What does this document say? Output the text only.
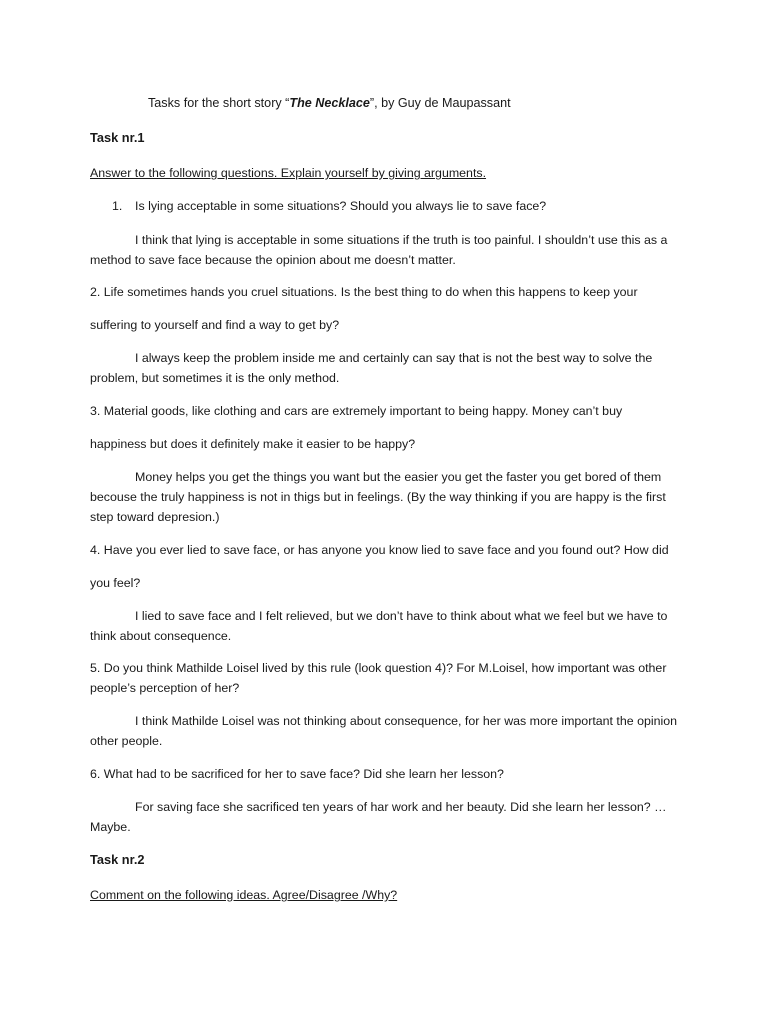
Tasks for the short story “The Necklace”, by Guy de Maupassant

Task nr.1

Answer to the following questions. Explain yourself by giving arguments.

1. Is lying acceptable in some situations? Should you always lie to save face?

I think that lying is acceptable in some situations if the truth is too painful. I shouldn’t use this as a method to save face because the opinion about me doesn’t matter.

2. Life sometimes hands you cruel situations. Is the best thing to do when this happens to keep your

suffering to yourself and find a way to get by?

I always keep the problem inside me and certainly can say that is not the best way to solve the problem, but sometimes it is the only method.

3. Material goods, like clothing and cars are extremely important to being happy. Money can’t buy

happiness but does it definitely make it easier to be happy?

Money helps you get the things you want but the easier you get the faster you get bored of them becouse the truly happiness is not in thigs but in feelings. (By the way thinking if you are happy is the first step toward depresion.)

4. Have you ever lied to save face, or has anyone you know lied to save face and you found out? How did

you feel?

I lied to save face and I felt relieved, but we don’t have to think about what we feel but we have to think about consequence.

5. Do you think Mathilde Loisel lived by this rule (look question 4)? For M.Loisel, how important was other people’s perception of her?

I think Mathilde Loisel was not thinking about consequence, for her was more important the opinion other people.

6. What had to be sacrificed for her to save face? Did she learn her lesson?

For saving face she sacrificed ten years of har work and her beauty. Did she learn her lesson? … Maybe.

Task nr.2

Comment on the following ideas. Agree/Disagree /Why?
